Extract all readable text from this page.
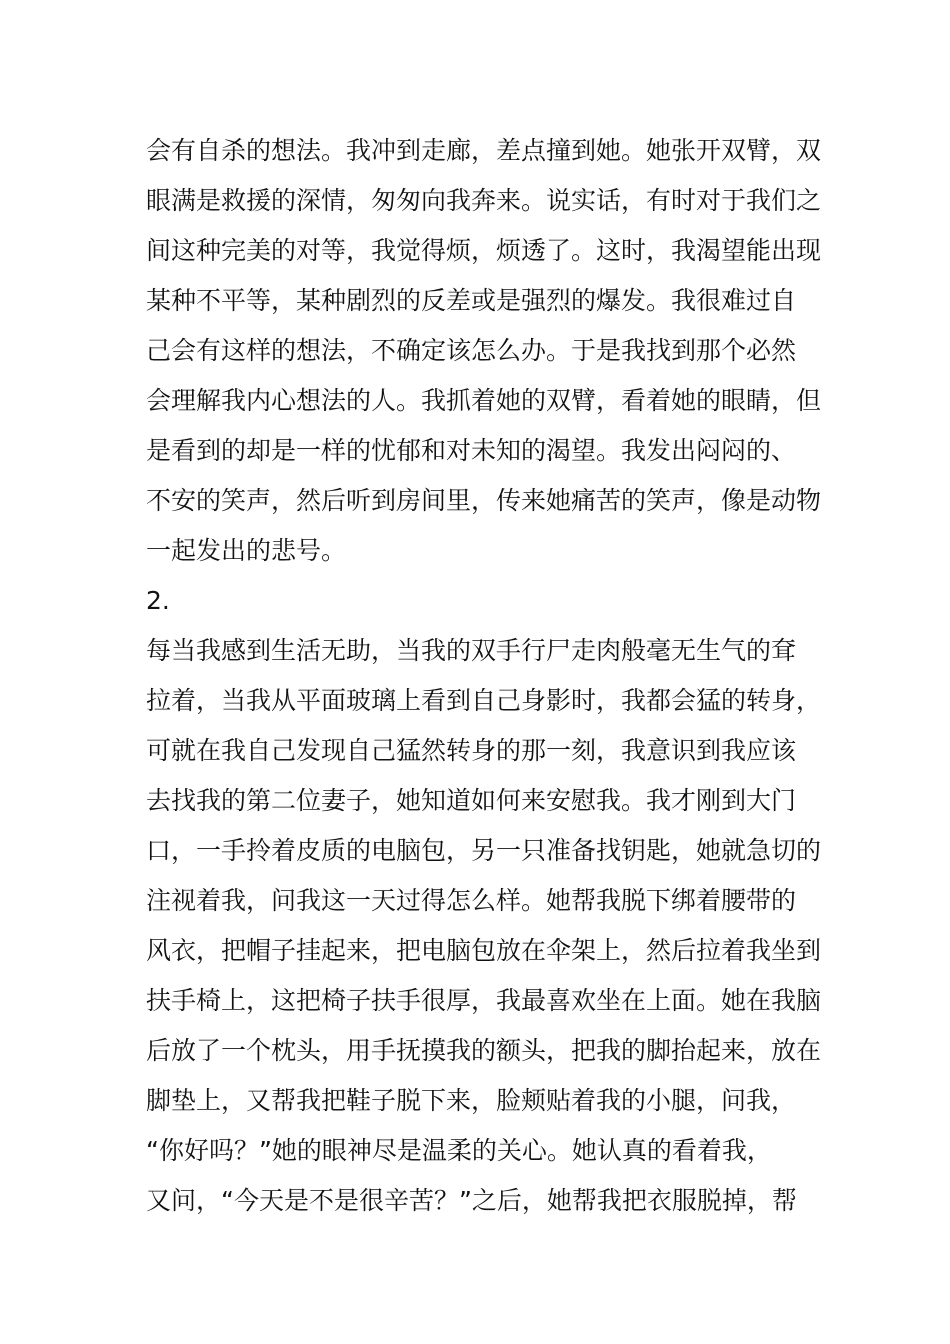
会有自杀的想法。我冲到走廊，差点撞到她。她张开双臂，双
眼满是救援的深情，匆匆向我奔来。说实话，有时对于我们之
间这种完美的对等，我觉得烦，烦透了。这时，我渴望能出现
某种不平等，某种剧烈的反差或是强烈的爆发。我很难过自
己会有这样的想法，不确定该怎么办。于是我找到那个必然
会理解我内心想法的人。我抓着她的双臂，看着她的眼睛，但
是看到的却是一样的忧郁和对未知的渴望。我发出闷闷的、
不安的笑声，然后听到房间里，传来她痛苦的笑声，像是动物
一起发出的悲号。
2.
每当我感到生活无助，当我的双手行尸走肉般毫无生气的耷
拉着，当我从平面玻璃上看到自己身影时，我都会猛的转身，
可就在我自己发现自己猛然转身的那一刻，我意识到我应该
去找我的第二位妻子，她知道如何来安慰我。我才刚到大门
口，一手拎着皮质的电脑包，另一只准备找钥匙，她就急切的
注视着我，问我这一天过得怎么样。她帮我脱下绑着腰带的
风衣，把帽子挂起来，把电脑包放在伞架上，然后拉着我坐到
扶手椅上，这把椅子扶手很厚，我最喜欢坐在上面。她在我脑
后放了一个枕头，用手抚摸我的额头，把我的脚抬起来，放在
脚垫上，又帮我把鞋子脱下来，脸颊贴着我的小腿，问我，
“你好吗？”她的眼神尽是温柔的关心。她认真的看着我，
又问，“今天是不是很辛苦？”之后，她帮我把衣服脱掉，帮
